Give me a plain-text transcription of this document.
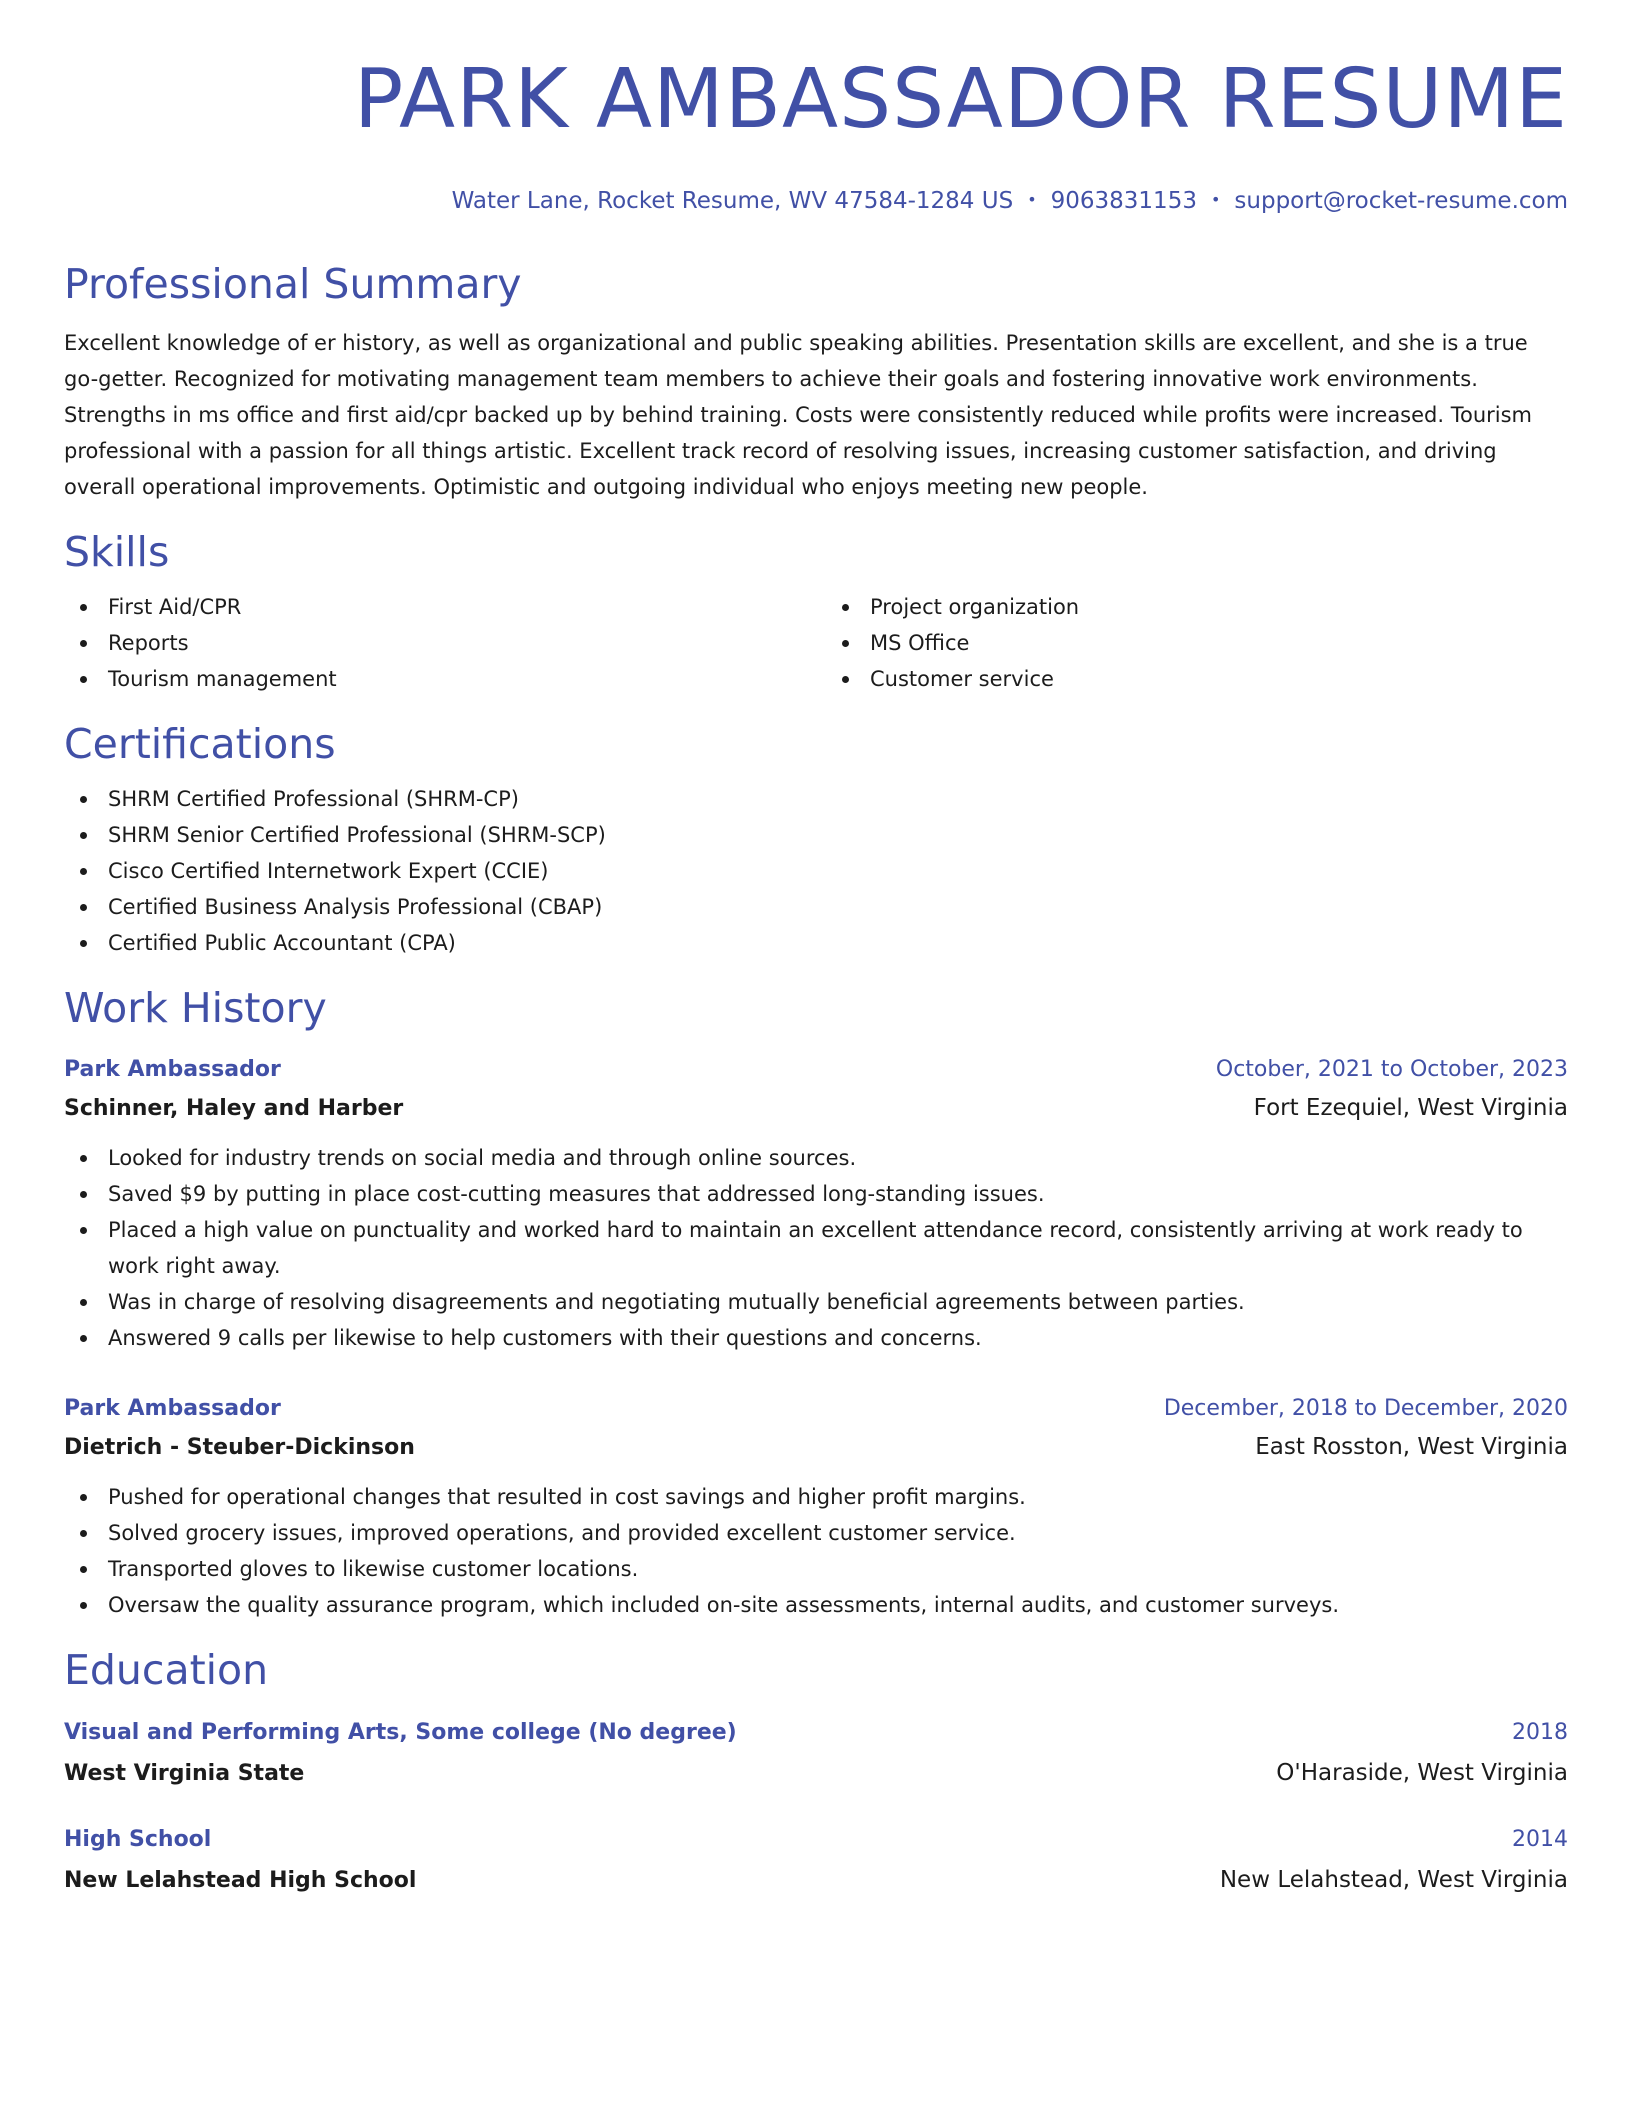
PARK AMBASSADOR RESUME
Water Lane, Rocket Resume, WV 47584-1284 US • 9063831153 • support@rocket-resume.com
Professional Summary

Excellent knowledge of er history, as well as organizational and public speaking abilities. Presentation skills are excellent, and she is a true go-getter. Recognized for motivating management team members to achieve their goals and fostering innovative work environments. Strengths in ms office and first aid/cpr backed up by behind training. Costs were consistently reduced while profits were increased. Tourism professional with a passion for all things artistic. Excellent track record of resolving issues, increasing customer satisfaction, and driving overall operational improvements. Optimistic and outgoing individual who enjoys meeting new people.

Skills
First Aid/CPR
Reports
Tourism management
Project organization
MS Office
Customer service
Certifications
SHRM Certified Professional (SHRM-CP)
SHRM Senior Certified Professional (SHRM-SCP)
Cisco Certified Internetwork Expert (CCIE)
Certified Business Analysis Professional (CBAP)
Certified Public Accountant (CPA)
Work History
Park Ambassador	October, 2021 to October, 2023
Schinner, Haley and Harber	Fort Ezequiel, West Virginia
Looked for industry trends on social media and through online sources.
Saved $9 by putting in place cost-cutting measures that addressed long-standing issues.
Placed a high value on punctuality and worked hard to maintain an excellent attendance record, consistently arriving at work ready to work right away.
Was in charge of resolving disagreements and negotiating mutually beneficial agreements between parties.
Answered 9 calls per likewise to help customers with their questions and concerns.
Park Ambassador	December, 2018 to December, 2020
Dietrich - Steuber-Dickinson	East Rosston, West Virginia
Pushed for operational changes that resulted in cost savings and higher profit margins.
Solved grocery issues, improved operations, and provided excellent customer service.
Transported gloves to likewise customer locations.
Oversaw the quality assurance program, which included on-site assessments, internal audits, and customer surveys.
Education
Visual and Performing Arts, Some college (No degree)	2018
West Virginia State	O'Haraside, West Virginia
High School	2014
New Lelahstead High School	New Lelahstead, West Virginia
